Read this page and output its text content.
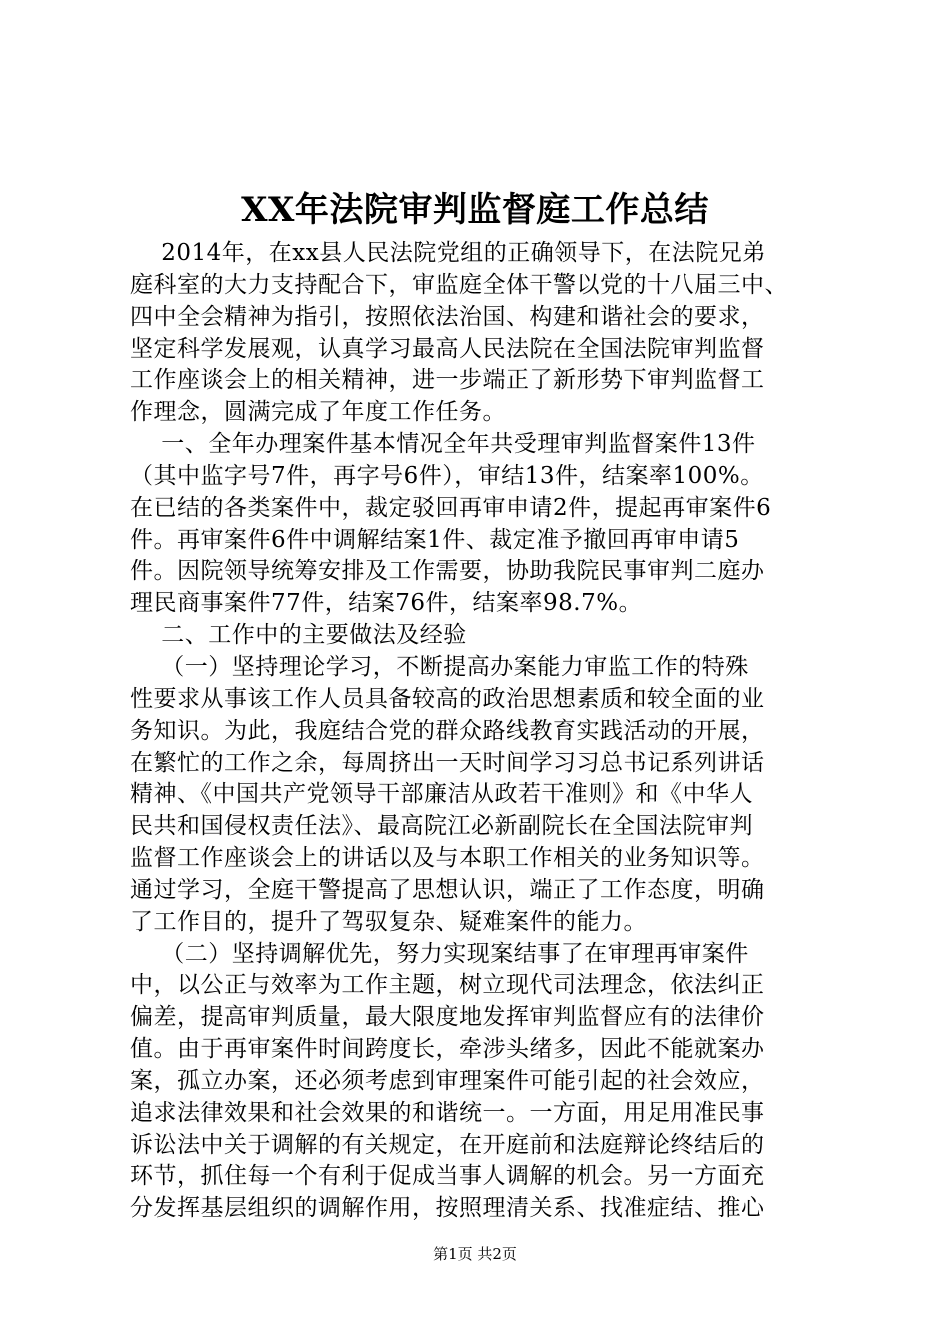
XX年法院审判监督庭工作总结
2014年，在xx县人民法院党组的正确领导下，在法院兄弟
庭科室的大力支持配合下，审监庭全体干警以党的十八届三中、
四中全会精神为指引，按照依法治国、构建和谐社会的要求，
坚定科学发展观，认真学习最高人民法院在全国法院审判监督
工作座谈会上的相关精神，进一步端正了新形势下审判监督工
作理念，圆满完成了年度工作任务。
一、全年办理案件基本情况全年共受理审判监督案件13件
（其中监字号7件，再字号6件），审结13件，结案率100%。
在已结的各类案件中，裁定驳回再审申请2件，提起再审案件6
件。再审案件6件中调解结案1件、裁定准予撤回再审申请5
件。因院领导统筹安排及工作需要，协助我院民事审判二庭办
理民商事案件77件，结案76件，结案率98.7%。
二、工作中的主要做法及经验
（一）坚持理论学习，不断提高办案能力审监工作的特殊
性要求从事该工作人员具备较高的政治思想素质和较全面的业
务知识。为此，我庭结合党的群众路线教育实践活动的开展，
在繁忙的工作之余，每周挤出一天时间学习习总书记系列讲话
精神、《中国共产党领导干部廉洁从政若干准则》和《中华人
民共和国侵权责任法》、最高院江必新副院长在全国法院审判
监督工作座谈会上的讲话以及与本职工作相关的业务知识等。
通过学习，全庭干警提高了思想认识，端正了工作态度，明确
了工作目的，提升了驾驭复杂、疑难案件的能力。
（二）坚持调解优先，努力实现案结事了在审理再审案件
中，以公正与效率为工作主题，树立现代司法理念，依法纠正
偏差，提高审判质量，最大限度地发挥审判监督应有的法律价
值。由于再审案件时间跨度长，牵涉头绪多，因此不能就案办
案，孤立办案，还必须考虑到审理案件可能引起的社会效应，
追求法律效果和社会效果的和谐统一。一方面，用足用准民事
诉讼法中关于调解的有关规定，在开庭前和法庭辩论终结后的
环节，抓住每一个有利于促成当事人调解的机会。另一方面充
分发挥基层组织的调解作用，按照理清关系、找准症结、推心
第1页 共2页
